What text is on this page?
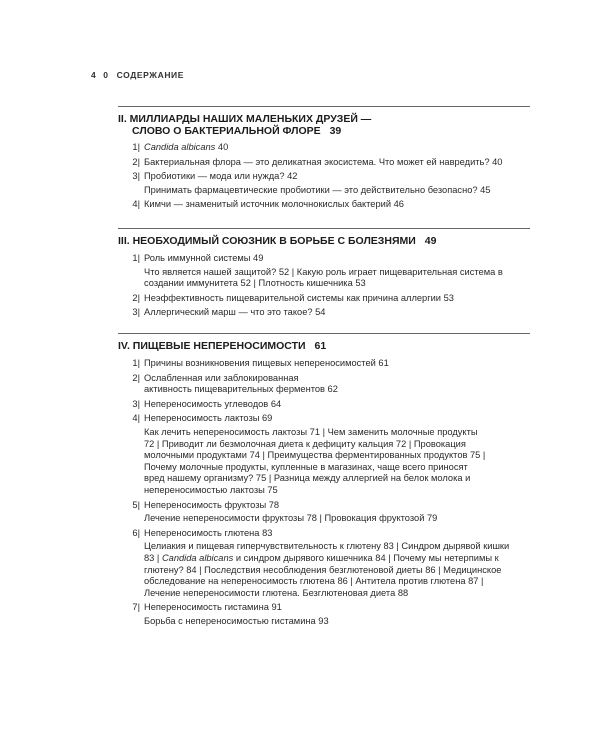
4 0 СОДЕРЖАНИЕ
II. МИЛЛИАРДЫ НАШИХ МАЛЕНЬКИХ ДРУЗЕЙ —
СЛОВО О БАКТЕРИАЛЬНОЙ ФЛОРЕ 39
1| Candida albicans 40
2| Бактериальная флора — это деликатная экосистема. Что может ей навредить? 40
3| Пробиотики — мода или нужда? 42
Принимать фармацевтические пробиотики — это действительно безопасно? 45
4| Кимчи — знаменитый источник молочнокислых бактерий 46
III. НЕОБХОДИМЫЙ СОЮЗНИК В БОРЬБЕ С БОЛЕЗНЯМИ 49
1| Роль иммунной системы 49
Что является нашей защитой? 52 | Какую роль играет пищеварительная система в создании иммунитета 52 | Плотность кишечника 53
2| Неэффективность пищеварительной системы как причина аллергии 53
3| Аллергический марш — что это такое? 54
IV. ПИЩЕВЫЕ НЕПЕРЕНОСИМОСТИ 61
1| Причины возникновения пищевых непереносимостей 61
2| Ослабленная или заблокированная активность пищеварительных ферментов 62
3| Непереносимость углеводов 64
4| Непереносимость лактозы 69
Как лечить непереносимость лактозы 71 | Чем заменить молочные продукты 72 | Приводит ли безмолочная диета к дефициту кальция 72 | Провокация молочными продуктами 74 | Преимущества ферментированных продуктов 75 | Почему молочные продукты, купленные в магазинах, чаще всего приносят вред нашему организму? 75 | Разница между аллергией на белок молока и непереносимостью лактозы 75
5| Непереносимость фруктозы 78
Лечение непереносимости фруктозы 78 | Провокация фруктозой 79
6| Непереносимость глютена 83
Целиакия и пищевая гиперчувствительность к глютену 83 | Синдром дырявой кишки 83 | Candida albicans и синдром дырявого кишечника 84 | Почему мы нетерпимы к глютену? 84 | Последствия несоблюдения безглютеновой диеты 86 | Медицинское обследование на непереносимость глютена 86 | Антитела против глютена 87 | Лечение непереносимости глютена. Безглютеновая диета 88
7| Непереносимость гистамина 91
Борьба с непереносимостью гистамина 93
